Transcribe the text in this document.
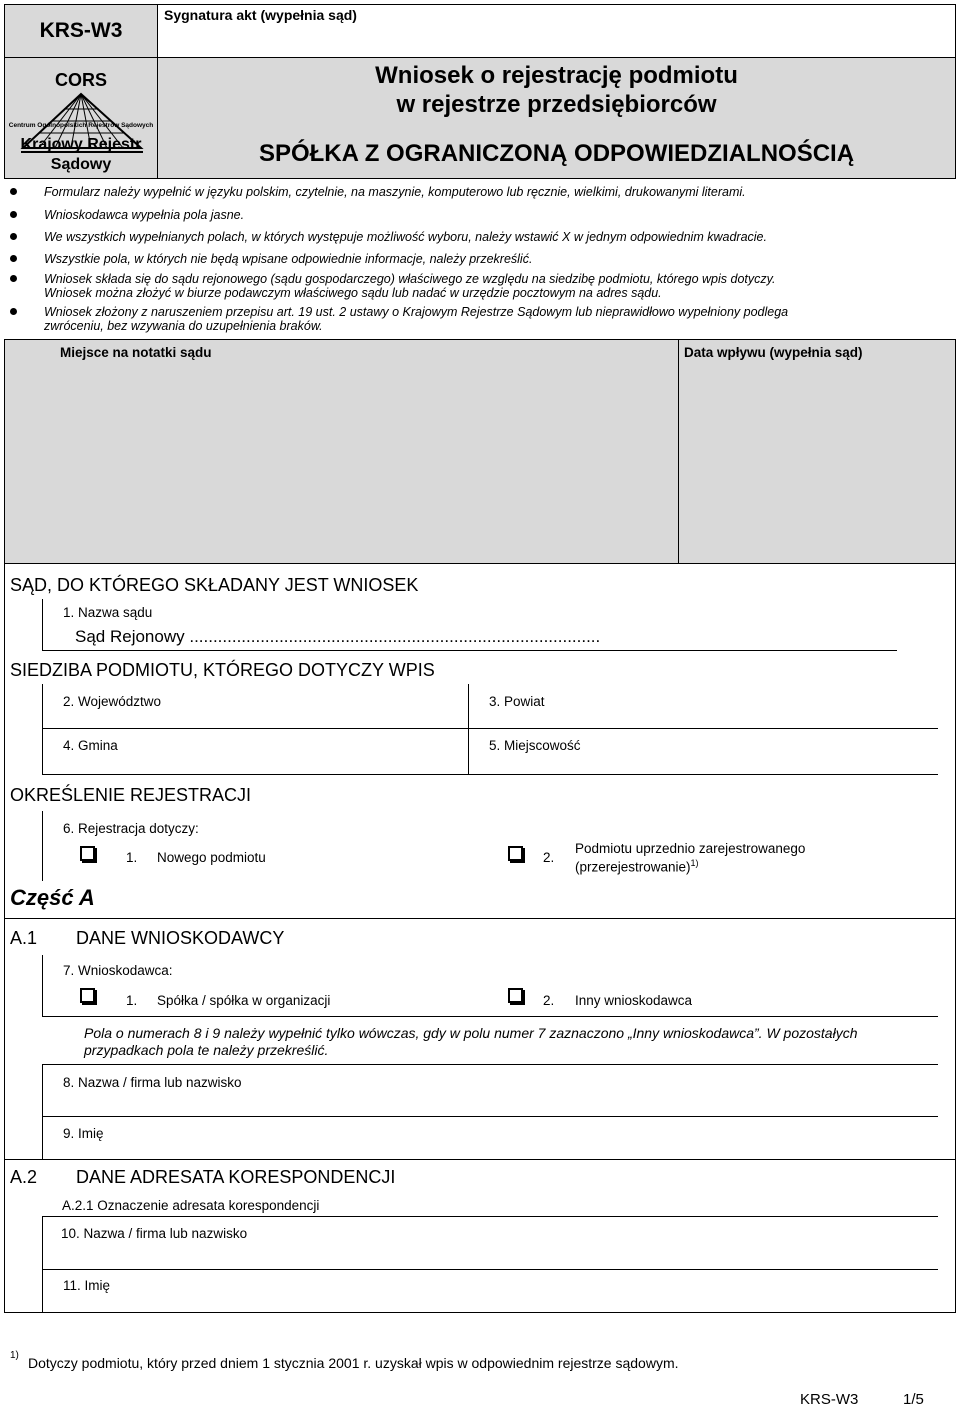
KRS-W3
Sygnatura akt (wypełnia sąd)
CORS
Centrum Ogólnopolskich Rejestrów Sądowych
Krajowy Rejestr
Sądowy
Wniosek o rejestrację podmiotu
w rejestrze przedsiębiorców
SPÓŁKA Z OGRANICZONĄ ODPOWIEDZIALNOŚCIĄ
Formularz należy wypełnić w języku polskim, czytelnie, na maszynie, komputerowo lub ręcznie, wielkimi, drukowanymi literami.
Wnioskodawca wypełnia pola jasne.
We wszystkich wypełnianych polach, w których występuje możliwość wyboru, należy wstawić X w jednym odpowiednim kwadracie.
Wszystkie pola, w których nie będą wpisane odpowiednie informacje, należy przekreślić.
Wniosek składa się do sądu rejonowego (sądu gospodarczego) właściwego ze względu na siedzibę podmiotu, którego wpis dotyczy.
Wniosek można złożyć w biurze podawczym właściwego sądu lub nadać w urzędzie pocztowym na adres sądu.
Wniosek złożony z naruszeniem przepisu art. 19 ust. 2 ustawy o Krajowym Rejestrze Sądowym lub nieprawidłowo wypełniony podlega
zwróceniu, bez wzywania do uzupełnienia braków.
Miejsce na notatki sądu	Data wpływu (wypełnia sąd)
SĄD, DO KTÓREGO SKŁADANY JEST WNIOSEK
1. Nazwa sądu
Sąd Rejonowy .......................................................................................
SIEDZIBA PODMIOTU, KTÓREGO DOTYCZY WPIS
2. Województwo	3. Powiat
4. Gmina	5. Miejscowość
OKREŚLENIE REJESTRACJI
6. Rejestracja dotyczy:
1. Nowego podmiotu	2.
Podmiotu uprzednio zarejestrowanego
(przerejestrowanie)$^{1)}$
Część A
A.1 DANE WNIOSKODAWCY
7. Wnioskodawca:
1. Spółka / spółka w organizacji	2. Inny wnioskodawca
Pola o numerach 8 i 9 należy wypełnić tylko wówczas, gdy w polu numer 7 zaznaczono „Inny wnioskodawca”. W pozostałych
przypadkach pola te należy przekreślić.
8. Nazwa / firma lub nazwisko
9. Imię
A.2 DANE ADRESATA KORESPONDENCJI
A.2.1 Oznaczenie adresata korespondencji
10. Nazwa / firma lub nazwisko
11. Imię
1) Dotyczy podmiotu, który przed dniem 1 stycznia 2001 r. uzyskał wpis w odpowiednim rejestrze sądowym.
KRS-W3	1/5
